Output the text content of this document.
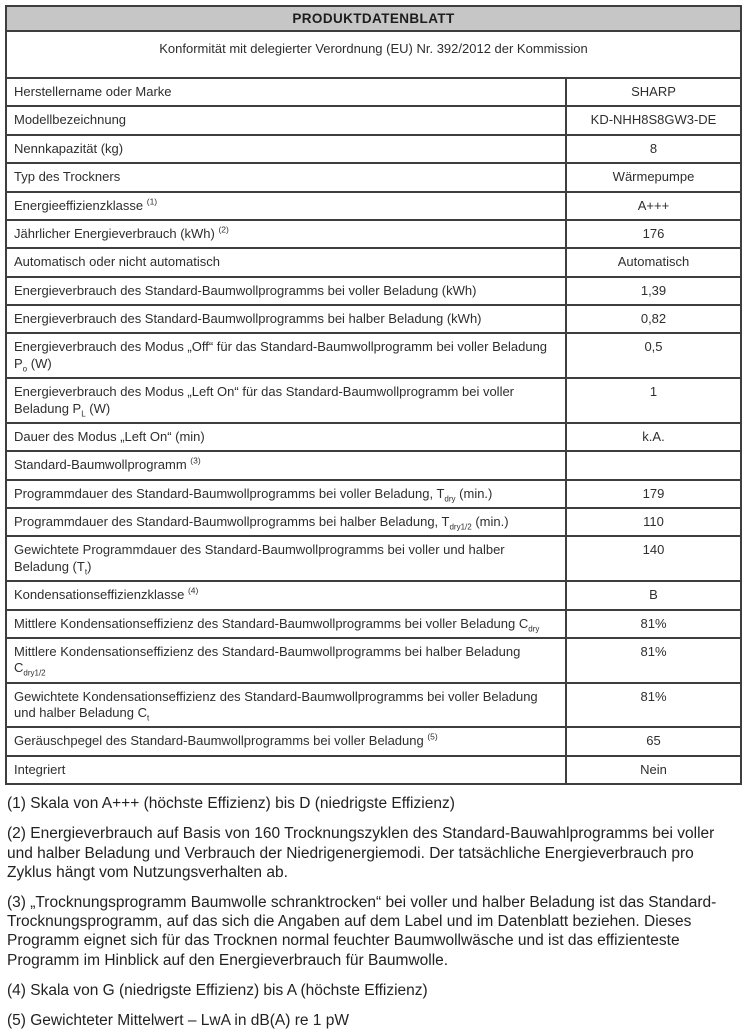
PRODUKTDATENBLATT	
Konformität mit delegierter Verordnung (EU) Nr. 392/2012 der Kommission	
Herstellername oder Marke	SHARP
Modellbezeichnung	KD-NHH8S8GW3-DE
Nennkapazität (kg)	8
Typ des Trockners	Wärmepumpe
Energieeffizienzklasse $^{(1)}$	A+++
Jährlicher Energieverbrauch (kWh) $^{(2)}$	176
Automatisch oder nicht automatisch	Automatisch
Energieverbrauch des Standard-Baumwollprogramms bei voller Beladung (kWh)	1,39
Energieverbrauch des Standard-Baumwollprogramms bei halber Beladung (kWh)	0,82
Energieverbrauch des Modus „Off“ für das Standard-Baumwollprogramm bei voller Beladung $P_o$ (W)	0,5
Energieverbrauch des Modus „Left On“ für das Standard-Baumwollprogramm bei voller Beladung $P_L$ (W)	1
Dauer des Modus „Left On“ (min)	k.A.
Standard-Baumwollprogramm $^{(3)}$	
Programmdauer des Standard-Baumwollprogramms bei voller Beladung, $T_{dry}$ (min.)	179
Programmdauer des Standard-Baumwollprogramms bei halber Beladung, $T_{dry1/2}$ (min.)	110
Gewichtete Programmdauer des Standard-Baumwollprogramms bei voller und halber Beladung $(T_t)$	140
Kondensationseffizienzklasse $^{(4)}$	B
Mittlere Kondensationseffizienz des Standard-Baumwollprogramms bei voller Beladung $C_{dry}$	81%
Mittlere Kondensationseffizienz des Standard-Baumwollprogramms bei halber Beladung $C_{dry1/2}$	81%
Gewichtete Kondensationseffizienz des Standard-Baumwollprogramms bei voller Beladung und halber Beladung $C_t$	81%
Geräuschpegel des Standard-Baumwollprogramms bei voller Beladung $^{(5)}$	65
Integriert	Nein

(1) Skala von A+++ (höchste Effizienz) bis D (niedrigste Effizienz)

(2) Energieverbrauch auf Basis von 160 Trocknungszyklen des Standard-Bauwahlprogramms bei voller und halber Beladung und Verbrauch der Niedrigenergiemodi. Der tatsächliche Energieverbrauch pro Zyklus hängt vom Nutzungsverhalten ab.

(3) „Trocknungsprogramm Baumwolle schranktrocken“ bei voller und halber Beladung ist das Standard-Trocknungsprogramm, auf das sich die Angaben auf dem Label und im Datenblatt beziehen. Dieses Programm eignet sich für das Trocknen normal feuchter Baumwollwäsche und ist das effizienteste Programm im Hinblick auf den Energieverbrauch für Baumwolle.

(4) Skala von G (niedrigste Effizienz) bis A (höchste Effizienz)

(5) Gewichteter Mittelwert – LwA in dB(A) re 1 pW
